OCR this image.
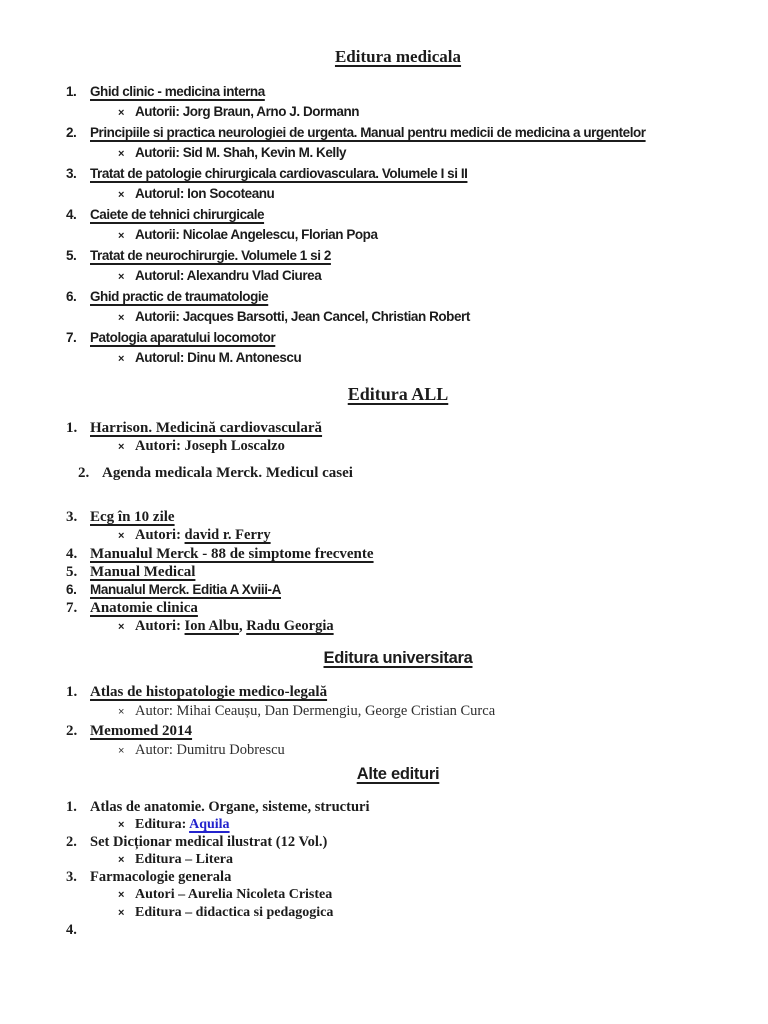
Editura medicala
1.	Ghid clinic - medicina interna
× Autorii: Jorg Braun, Arno J. Dormann
2.	Principiile si practica neurologiei de urgenta. Manual pentru medicii de medicina a urgentelor
× Autorii: Sid M. Shah, Kevin M. Kelly
3.	Tratat de patologie chirurgicala cardiovasculara. Volumele I si II
× Autorul: Ion Socoteanu
4.	Caiete de tehnici chirurgicale
× Autorii: Nicolae Angelescu, Florian Popa
5.	Tratat de neurochirurgie. Volumele 1 si 2
× Autorul: Alexandru Vlad Ciurea
6.	Ghid practic de traumatologie
× Autorii: Jacques Barsotti, Jean Cancel, Christian Robert
7.	Patologia aparatului locomotor
× Autorul: Dinu M. Antonescu
Editura ALL
1. Harrison. Medicină cardiovasculară
× Autori: Joseph Loscalzo
2. Agenda medicala Merck. Medicul casei
3. Ecg în 10 zile
× Autori: david r. Ferry
4. Manualul Merck - 88 de simptome frecvente
5. Manual Medical
6.	Manualul Merck. Editia A Xviii-A
7. Anatomie clinica
× Autori: Ion Albu, Radu Georgia
Editura universitara
1. Atlas de histopatologie medico-legală
× Autor: Mihai Ceaușu, Dan Dermengiu, George Cristian Curca
2. Memomed 2014
× Autor: Dumitru Dobrescu
Alte edituri
1. Atlas de anatomie. Organe, sisteme, structuri
× Editura: Aquila
2. Set Dicționar medical ilustrat (12 Vol.)
× Editura – Litera
3. Farmacologie generala
× Autori – Aurelia Nicoleta Cristea
× Editura – didactica si pedagogica
4.
